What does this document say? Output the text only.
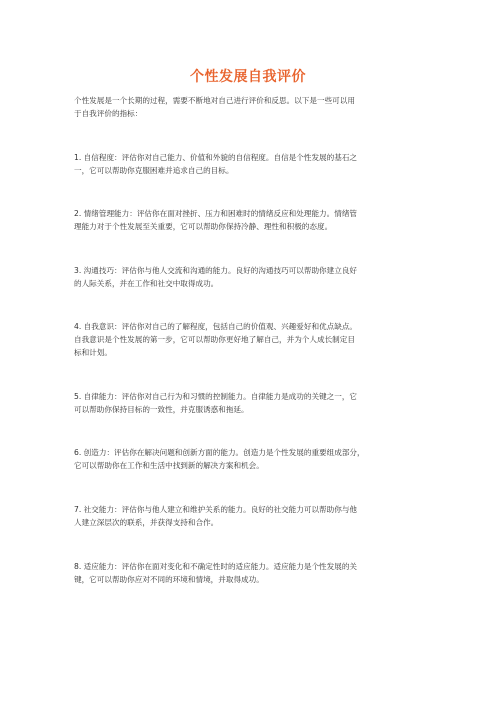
个性发展自我评价
个性发展是一个长期的过程，需要不断地对自己进行评价和反思。以下是一些可以用
于自我评价的指标：
1. 自信程度：评估你对自己能力、价值和外貌的自信程度。自信是个性发展的基石之
一，它可以帮助你克服困难并追求自己的目标。
2. 情绪管理能力：评估你在面对挫折、压力和困难时的情绪反应和处理能力。情绪管
理能力对于个性发展至关重要，它可以帮助你保持冷静、理性和积极的态度。
3. 沟通技巧：评估你与他人交流和沟通的能力。良好的沟通技巧可以帮助你建立良好
的人际关系，并在工作和社交中取得成功。
4. 自我意识：评估你对自己的了解程度，包括自己的价值观、兴趣爱好和优点缺点。
自我意识是个性发展的第一步，它可以帮助你更好地了解自己，并为个人成长制定目
标和计划。
5. 自律能力：评估你对自己行为和习惯的控制能力。自律能力是成功的关键之一，它
可以帮助你保持目标的一致性，并克服诱惑和拖延。
6. 创造力：评估你在解决问题和创新方面的能力。创造力是个性发展的重要组成部分，
它可以帮助你在工作和生活中找到新的解决方案和机会。
7. 社交能力：评估你与他人建立和维护关系的能力。良好的社交能力可以帮助你与他
人建立深层次的联系，并获得支持和合作。
8. 适应能力：评估你在面对变化和不确定性时的适应能力。适应能力是个性发展的关
键，它可以帮助你应对不同的环境和情境，并取得成功。
